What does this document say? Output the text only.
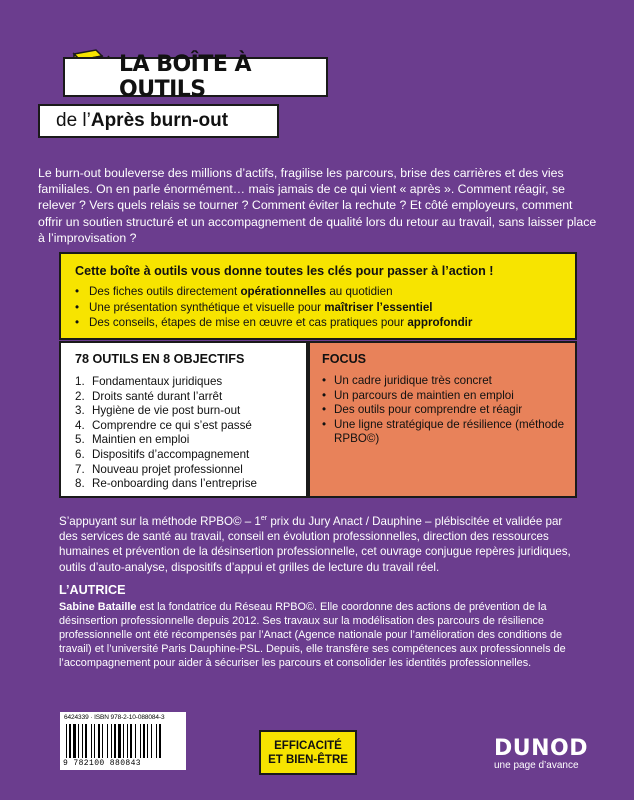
LA BOÎTE À OUTILS
de l’ Après burn-out

Le burn-out bouleverse des millions d’actifs, fragilise les parcours, brise des carrières et des vies familiales. On en parle énormément… mais jamais de ce qui vient « après ». Comment réagir, se relever ? Vers quels relais se tourner ? Comment éviter la rechute ? Et côté employeurs, comment offrir un soutien structuré et un accompagnement de qualité lors du retour au travail, sans laisser place à l’improvisation ?

Cette boîte à outils vous donne toutes les clés pour passer à l’action !
• Des fiches outils directement opérationnelles au quotidien
• Une présentation synthétique et visuelle pour maîtriser l’essentiel
• Des conseils, étapes de mise en œuvre et cas pratiques pour approfondir
78 OUTILS EN 8 OBJECTIFS
1. Fondamentaux juridiques
2. Droits santé durant l’arrêt
3. Hygiène de vie post burn-out
4. Comprendre ce qui s’est passé
5. Maintien en emploi
6. Dispositifs d’accompagnement
7. Nouveau projet professionnel
8. Re-onboarding dans l’entreprise
FOCUS
• Un cadre juridique très concret
• Un parcours de maintien en emploi
• Des outils pour comprendre et réagir
• Une ligne stratégique de résilience (méthode RPBO©)

S’appuyant sur la méthode RPBO© – 1er prix du Jury Anact / Dauphine – plébiscitée et validée par des services de santé au travail, conseil en évolution professionnelles, direction des ressources humaines et prévention de la désinsertion professionnelle, cet ouvrage conjugue repères juridiques, outils d’auto-analyse, dispositifs d’appui et grilles de lecture du travail réel.

L’AUTRICE

Sabine Bataille est la fondatrice du Réseau RPBO©. Elle coordonne des actions de prévention de la désinsertion professionnelle depuis 2012. Ses travaux sur la modélisation des parcours de résilience professionnelle ont été récompensés par l’Anact (Agence nationale pour l’amélioration des conditions de travail) et l’université Paris Dauphine-PSL. Depuis, elle transfère ses compétences aux professionnels de l’accompagnement pour aider à sécuriser les parcours et consolider les identités professionnelles.

6424339 · ISBN 978-2-10-088084-3
9 782100 880843
EFFICACITÉ
ET BIEN-ÊTRE	DUNOD
une page d’avance
